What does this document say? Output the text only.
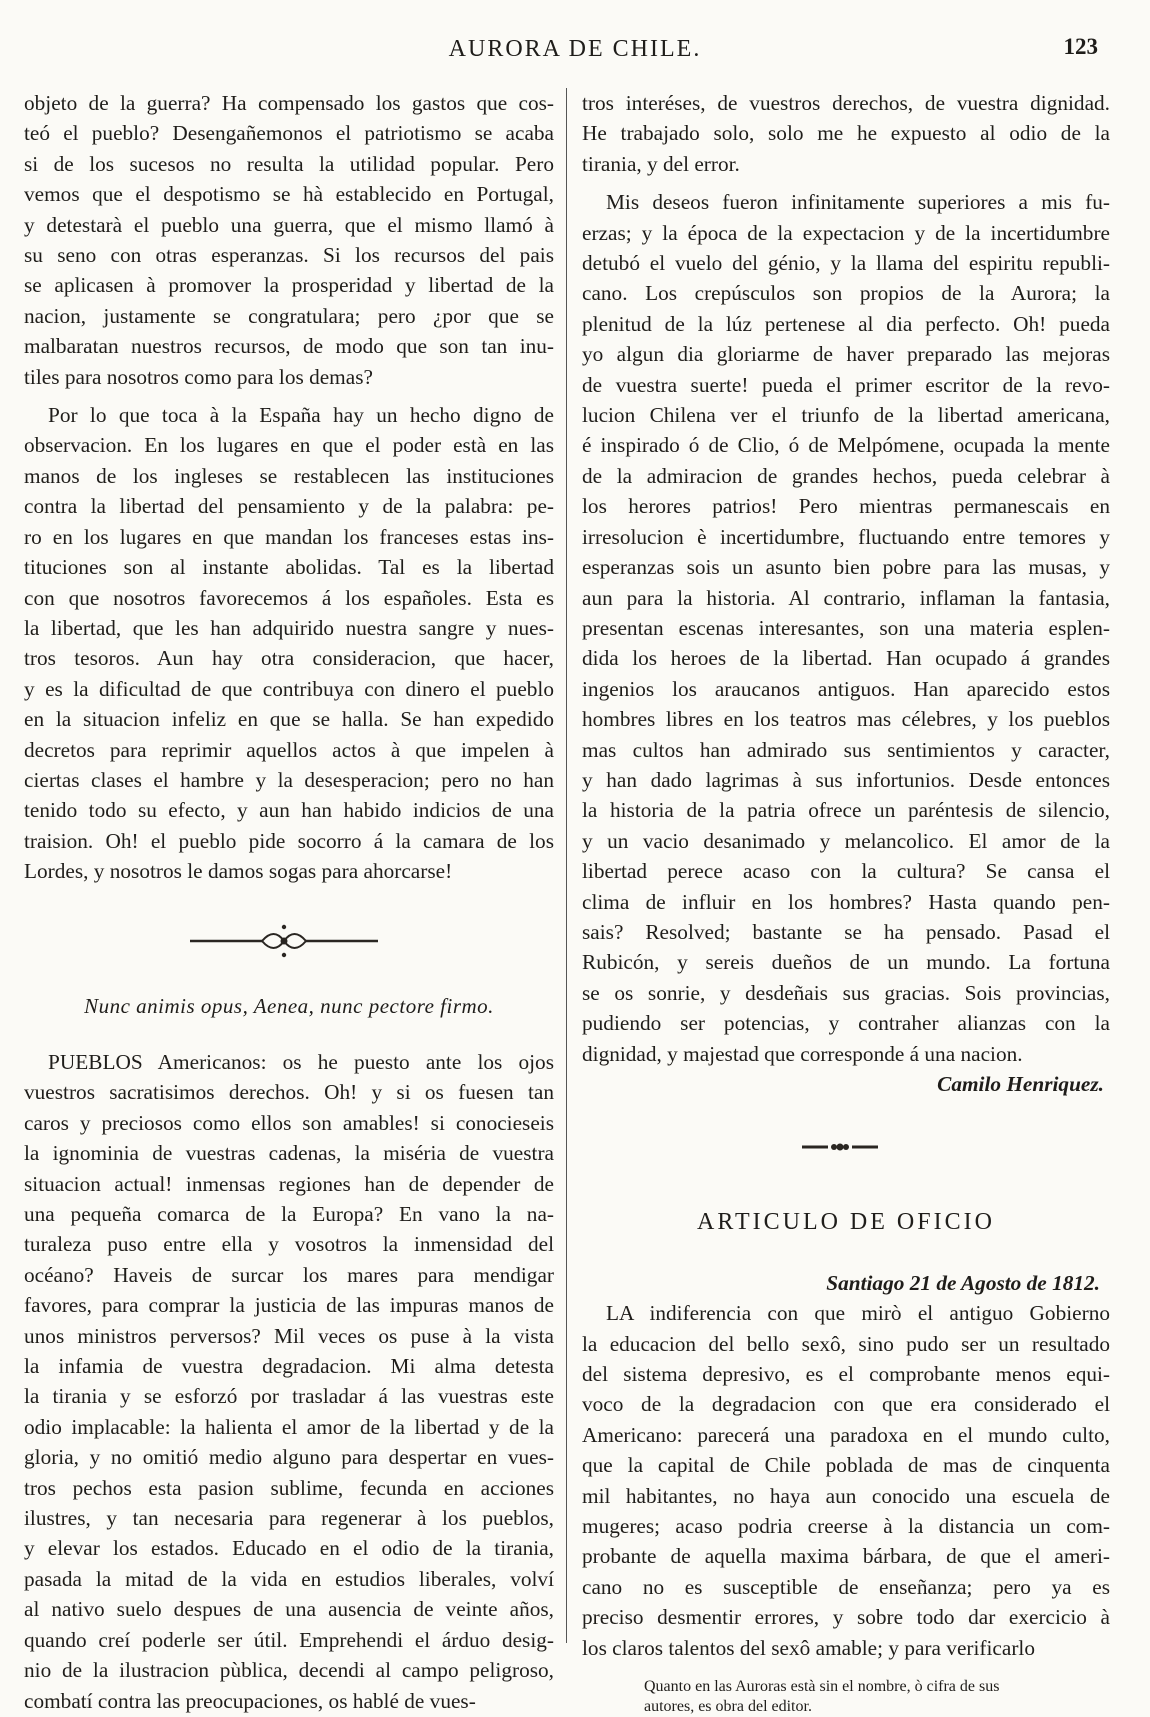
AURORA DE CHILE.	123
objeto de la guerra? Ha compensado los gastos que cos-
teó el pueblo? Desengañemonos el patriotismo se acaba
si de los sucesos no resulta la utilidad popular. Pero
vemos que el despotismo se hà establecido en Portugal,
y detestarà el pueblo una guerra, que el mismo llamó à
su seno con otras esperanzas. Si los recursos del pais
se aplicasen à promover la prosperidad y libertad de la
nacion, justamente se congratulara; pero ¿por que se
malbaratan nuestros recursos, de modo que son tan inu-
tiles para nosotros como para los demas?
Por lo que toca à la España hay un hecho digno de
observacion. En los lugares en que el poder està en las
manos de los ingleses se restablecen las instituciones
contra la libertad del pensamiento y de la palabra: pe-
ro en los lugares en que mandan los franceses estas ins-
tituciones son al instante abolidas. Tal es la libertad
con que nosotros favorecemos á los españoles. Esta es
la libertad, que les han adquirido nuestra sangre y nues-
tros tesoros. Aun hay otra consideracion, que hacer,
y es la dificultad de que contribuya con dinero el pueblo
en la situacion infeliz en que se halla. Se han expedido
decretos para reprimir aquellos actos à que impelen à
ciertas clases el hambre y la desesperacion; pero no han
tenido todo su efecto, y aun han habido indicios de una
traision. Oh! el pueblo pide socorro á la camara de los
Lordes, y nosotros le damos sogas para ahorcarse!
Nunc animis opus, Aenea, nunc pectore firmo.
PUEBLOS Americanos: os he puesto ante los ojos
vuestros sacratisimos derechos. Oh! y si os fuesen tan
caros y preciosos como ellos son amables! si conocieseis
la ignominia de vuestras cadenas, la miséria de vuestra
situacion actual! inmensas regiones han de depender de
una pequeña comarca de la Europa? En vano la na-
turaleza puso entre ella y vosotros la inmensidad del
océano? Haveis de surcar los mares para mendigar
favores, para comprar la justicia de las impuras manos de
unos ministros perversos? Mil veces os puse à la vista
la infamia de vuestra degradacion. Mi alma detesta
la tirania y se esforzó por trasladar á las vuestras este
odio implacable: la halienta el amor de la libertad y de la
gloria, y no omitió medio alguno para despertar en vues-
tros pechos esta pasion sublime, fecunda en acciones
ilustres, y tan necesaria para regenerar à los pueblos,
y elevar los estados. Educado en el odio de la tirania,
pasada la mitad de la vida en estudios liberales, volví
al nativo suelo despues de una ausencia de veinte años,
quando creí poderle ser útil. Emprehendi el árduo desig-
nio de la ilustracion pùblica, decendi al campo peligroso,
combatí contra las preocupaciones, os hablé de vues-
tros interéses, de vuestros derechos, de vuestra dignidad.
He trabajado solo, solo me he expuesto al odio de la
tirania, y del error.
Mis deseos fueron infinitamente superiores a mis fu-
erzas; y la época de la expectacion y de la incertidumbre
detubó el vuelo del génio, y la llama del espiritu republi-
cano. Los crepúsculos son propios de la Aurora; la
plenitud de la lúz pertenese al dia perfecto. Oh! pueda
yo algun dia gloriarme de haver preparado las mejoras
de vuestra suerte! pueda el primer escritor de la revo-
lucion Chilena ver el triunfo de la libertad americana,
é inspirado ó de Clio, ó de Melpómene, ocupada la mente
de la admiracion de grandes hechos, pueda celebrar à
los herores patrios! Pero mientras permanescais en
irresolucion è incertidumbre, fluctuando entre temores y
esperanzas sois un asunto bien pobre para las musas, y
aun para la historia. Al contrario, inflaman la fantasia,
presentan escenas interesantes, son una materia esplen-
dida los heroes de la libertad. Han ocupado á grandes
ingenios los araucanos antiguos. Han aparecido estos
hombres libres en los teatros mas célebres, y los pueblos
mas cultos han admirado sus sentimientos y caracter,
y han dado lagrimas à sus infortunios. Desde entonces
la historia de la patria ofrece un paréntesis de silencio,
y un vacio desanimado y melancolico. El amor de la
libertad perece acaso con la cultura? Se cansa el
clima de influir en los hombres? Hasta quando pen-
sais? Resolved; bastante se ha pensado. Pasad el
Rubicón, y sereis dueños de un mundo. La fortuna
se os sonrie, y desdeñais sus gracias. Sois provincias,
pudiendo ser potencias, y contraher alianzas con la
dignidad, y majestad que corresponde á una nacion.
Camilo Henriquez.
ARTICULO DE OFICIO
Santiago 21 de Agosto de 1812.
LA indiferencia con que mirò el antiguo Gobierno
la educacion del bello sexô, sino pudo ser un resultado
del sistema depresivo, es el comprobante menos equi-
voco de la degradacion con que era considerado el
Americano: parecerá una paradoxa en el mundo culto,
que la capital de Chile poblada de mas de cinquenta
mil habitantes, no haya aun conocido una escuela de
mugeres; acaso podria creerse à la distancia un com-
probante de aquella maxima bárbara, de que el ameri-
cano no es susceptible de enseñanza; pero ya es
preciso desmentir errores, y sobre todo dar exercicio à
los claros talentos del sexô amable; y para verificarlo
Quanto en las Auroras està sin el nombre, ò cifra de sus
autores, es obra del editor.
